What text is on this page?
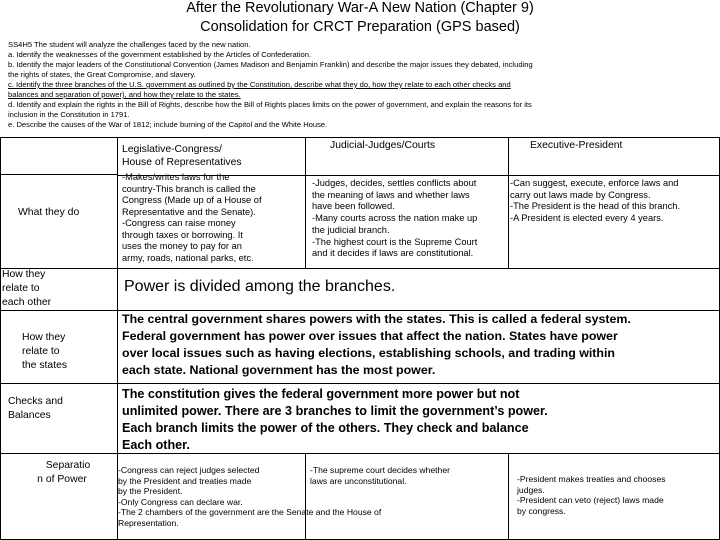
After the Revolutionary War-A New Nation (Chapter 9)
Consolidation for CRCT Preparation (GPS based)
SS4H5 The student will analyze the challenges faced by the new nation.
a. Identify the weaknesses of the government established by the Articles of Confederation.
b. Identify the major leaders of the Constitutional Convention (James Madison and Benjamin Franklin) and describe the major issues they debated, including
the rights of states, the Great Compromise, and slavery.
c. Identify the three branches of the U.S. government as outlined by the Constitution, describe what they do, how they relate to each other checks and
balances and separation of power), and how they relate to the states.
d. Identify and explain the rights in the Bill of Rights, describe how the Bill of Rights places limits on the power of government, and explain the reasons for its
inclusion in the Constitution in 1791.
e. Describe the causes of the War of 1812; include burning of the Capitol and the White House.
Legislative-Congress/
House of Representatives
Judicial-Judges/Courts	Executive-President
What they do
How they
relate to
each other
How they
relate to
the states
Checks and
Balances
Separatio
n of Power
-Makes/writes laws for the
country-This branch is called the
Congress (Made up of a House of
Representative and the Senate).
-Congress can raise money
through taxes or borrowing. It
uses the money to pay for an
army, roads, national parks, etc.
-Judges, decides, settles conflicts about
the meaning of laws and whether laws
have been followed.
-Many courts across the nation make up
the judicial branch.
-The highest court is the Supreme Court
and it decides if laws are constitutional.
-Can suggest, execute, enforce laws and
carry out laws made by Congress.
-The President is the head of this branch.
-A President is elected every 4 years.
Power is divided among the branches.
The central government shares powers with the states. This is called a federal system.
Federal government has power over issues that affect the nation. States have power
over local issues such as having elections, establishing schools, and trading within
each state. National government has the most power.
The constitution gives the federal government more power but not
unlimited power. There are 3 branches to limit the government’s power.
Each branch limits the power of the others. They check and balance
Each other.
-Congress can reject judges selected
by the President and treaties made
by the President.
-Only Congress can declare war.
-The 2 chambers of the government are the Senate and the House of
Representation.
-The supreme court decides whether
laws are unconstitutional.	-President makes treaties and chooses
judges.
-President can veto (reject) laws made
by congress.
